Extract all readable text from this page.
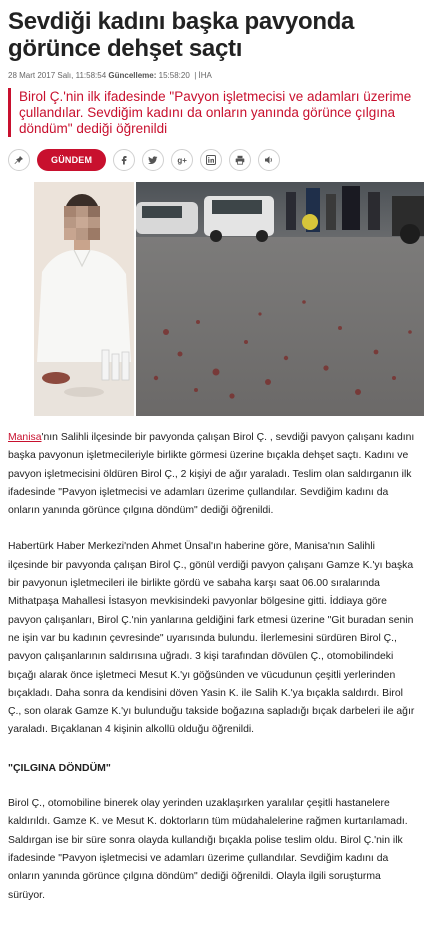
Sevdiği kadını başka pavyonda görünce dehşet saçtı
28 Mart 2017 Salı, 11:58:54 Güncelleme: 15:58:20  | İHA
Birol Ç.'nin ilk ifadesinde "Pavyon işletmecisi ve adamları üzerime çullandılar. Sevdiğim kadını da onların yanında görünce çılgına döndüm" dediği öğrenildi
GÜNDEM	g+

Manisa'nın Salihli ilçesinde bir pavyonda çalışan Birol Ç. , sevdiği pavyon çalışanı kadını başka pavyonun işletmecileriyle birlikte görmesi üzerine bıçakla dehşet saçtı. Kadını ve pavyon işletmecisini öldüren Birol Ç., 2 kişiyi de ağır yaraladı. Teslim olan saldırganın ilk ifadesinde "Pavyon işletmecisi ve adamları üzerime çullandılar. Sevdiğim kadını da onların yanında görünce çılgına döndüm" dediği öğrenildi.

Habertürk Haber Merkezi'nden Ahmet Ünsal'ın haberine göre, Manisa'nın Salihli ilçesinde bir pavyonda çalışan Birol Ç., gönül verdiği pavyon çalışanı Gamze K.'yı başka bir pavyonun işletmecileri ile birlikte gördü ve sabaha karşı saat 06.00 sıralarında Mithatpaşa Mahallesi İstasyon mevkisindeki pavyonlar bölgesine gitti. İddiaya göre pavyon çalışanları, Birol Ç.'nin yanlarına geldiğini fark etmesi üzerine "Git buradan senin ne işin var bu kadının çevresinde" uyarısında bulundu. İlerlemesini sürdüren Birol Ç., pavyon çalışanlarının saldırısına uğradı. 3 kişi tarafından dövülen Ç., otomobilindeki bıçağı alarak önce işletmeci Mesut K.'yı göğsünden ve vücudunun çeşitli yerlerinden bıçakladı. Daha sonra da kendisini döven Yasin K. ile Salih K.'ya bıçakla saldırdı. Birol Ç., son olarak Gamze K.'yı bulunduğu takside boğazına sapladığı bıçak darbeleri ile ağır yaraladı. Bıçaklanan 4 kişinin alkollü olduğu öğrenildi.

"ÇILGINA DÖNDÜM"

Birol Ç., otomobiline binerek olay yerinden uzaklaşırken yaralılar çeşitli hastanelere kaldırıldı. Gamze K. ve Mesut K. doktorların tüm müdahalelerine rağmen kurtarılamadı. Saldırgan ise bir süre sonra olayda kullandığı bıçakla polise teslim oldu. Birol Ç.'nin ilk ifadesinde "Pavyon işletmecisi ve adamları üzerime çullandılar. Sevdiğim kadını da onların yanında görünce çılgına döndüm" dediği öğrenildi. Olayla ilgili soruşturma sürüyor.
